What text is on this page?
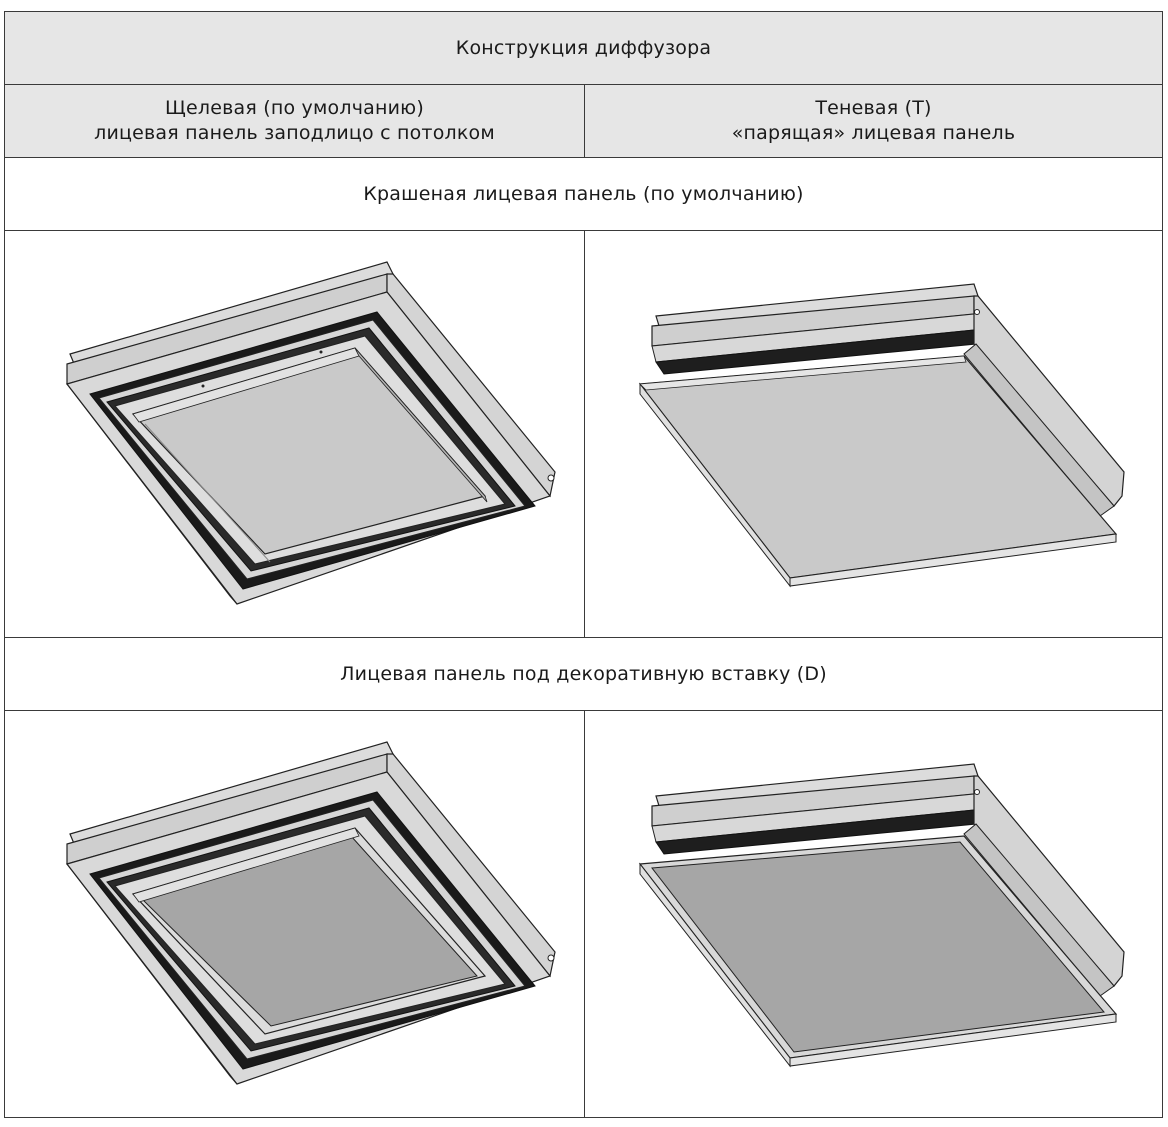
Конструкция диффузора
Щелевая (по умолчанию)
лицевая панель заподлицо с потолком
Теневая (T)
«парящая» лицевая панель
Крашеная лицевая панель (по умолчанию)
Лицевая панель под декоративную вставку (D)
